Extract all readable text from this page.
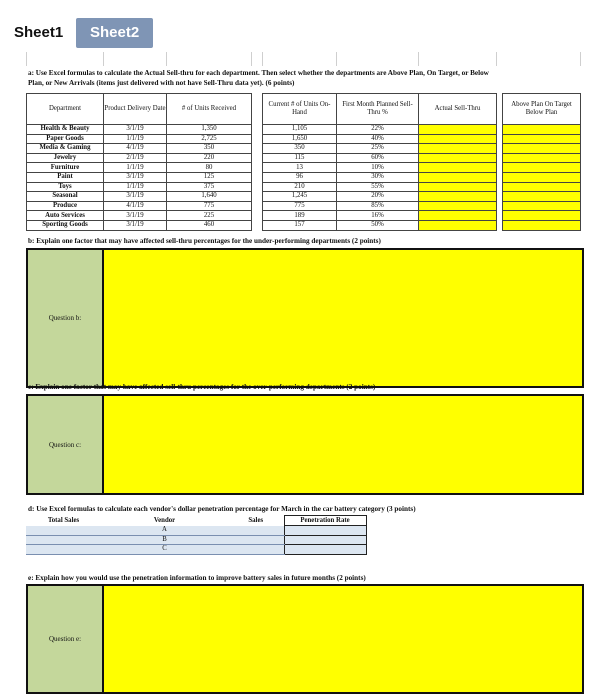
Sheet1	Sheet2
a: Use Excel formulas to calculate the Actual Sell-thru for each department. Then select whether the departments are Above Plan, On Target, or Below
Plan, or New Arrivals (items just delivered with not have Sell-Thru data yet). (6 points)
Department	Product Delivery Date	# of Units Received		Current # of Units On-Hand	First Month Planned Sell-Thru %	Actual Sell-Thru		Above Plan On Target Below Plan
Health & Beauty	3/1/19	1,350		1,105	22%			
Paper Goods	1/1/19	2,725		1,650	40%			
Media & Gaming	4/1/19	350		350	25%			
Jewelry	2/1/19	220		115	60%			
Furniture	1/1/19	80		13	10%			
Paint	3/1/19	125		96	30%			
Toys	1/1/19	375		210	55%			
Seasonal	3/1/19	1,640		1,245	20%			
Produce	4/1/19	775		775	85%			
Auto Services	3/1/19	225		189	16%			
Sporting Goods	3/1/19	460		157	50%			
b: Explain one factor that may have affected sell-thru percentages for the under-performing departments (2 points)
Question b:
c: Explain one factor that may have affected sell-thru percentages for the over-performing departments (2 points)
Question c:
d: Use Excel formulas to calculate each vendor's dollar penetration percentage for March in the car battery category (3 points)
Total Sales	Vendor	Sales	Penetration Rate
	A		
	B		
	C		
e: Explain how you would use the penetration information to improve battery sales in future months (2 points)
Question e:
